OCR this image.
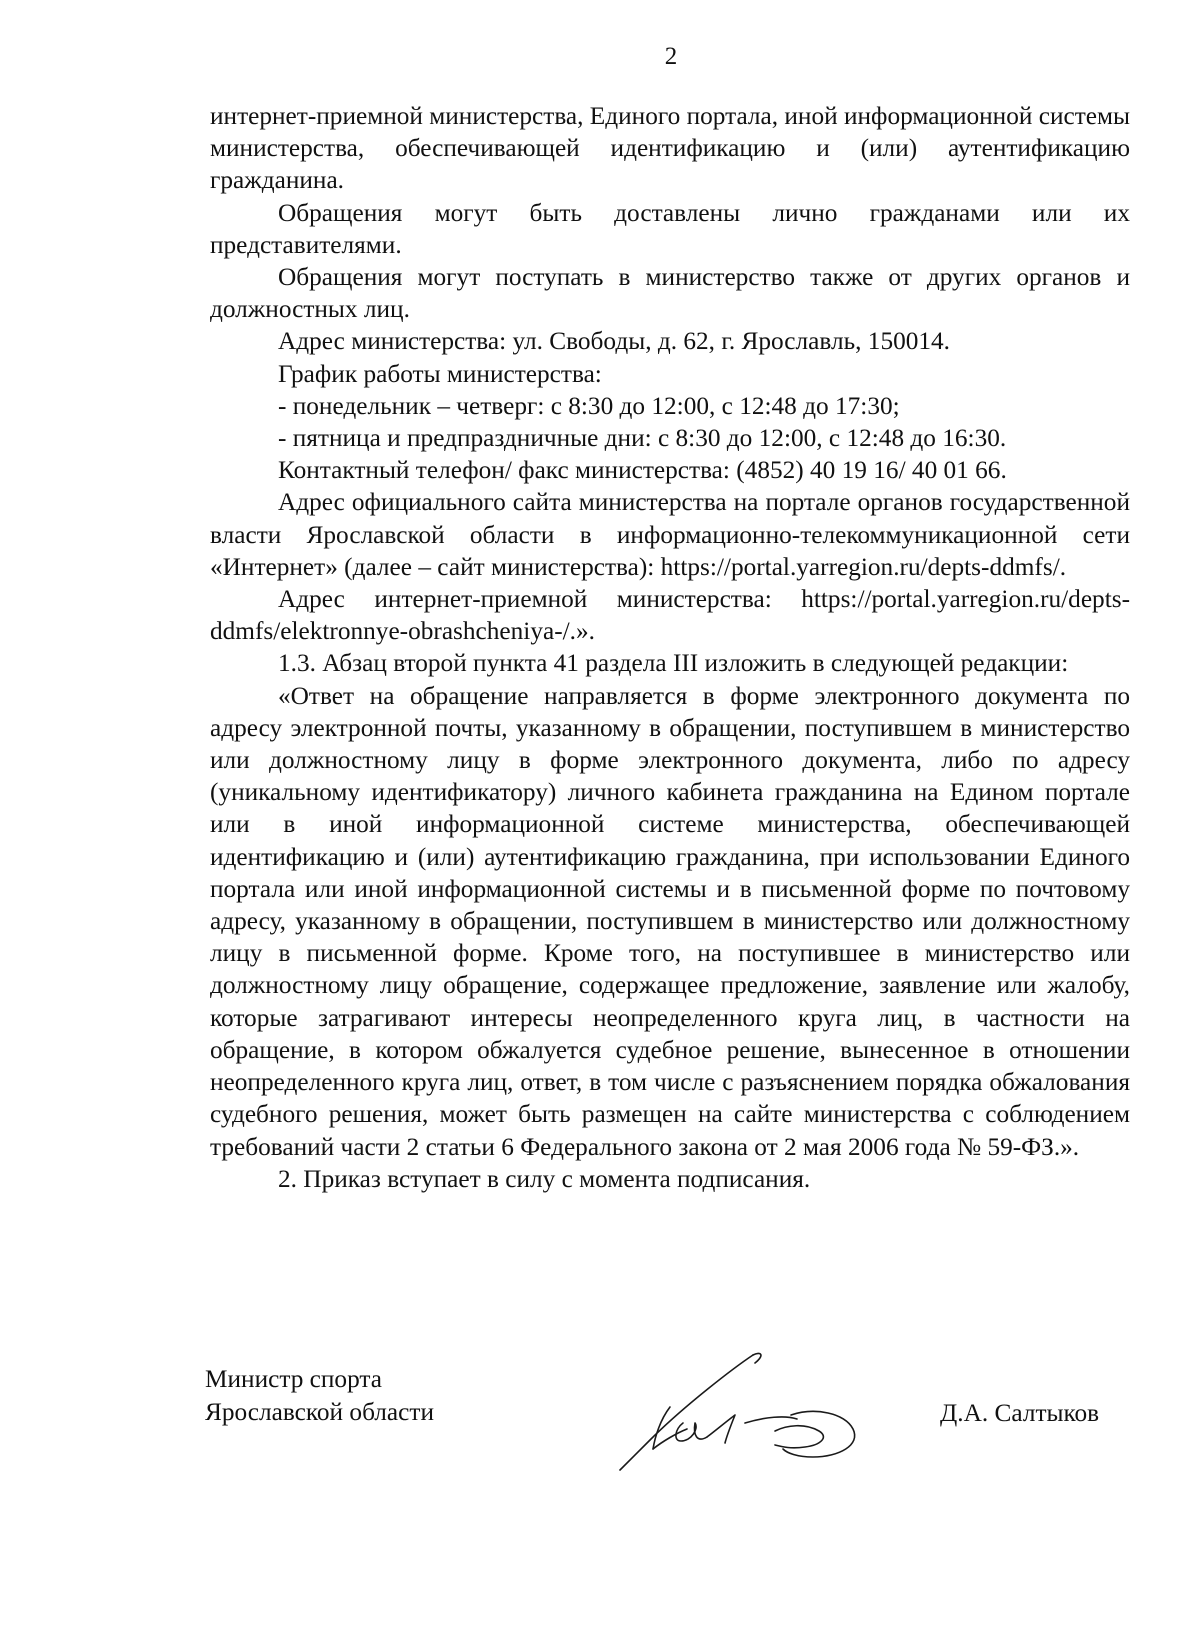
2

интернет-приемной министерства, Единого портала, иной информационной системы министерства, обеспечивающей идентификацию и (или) аутентификацию гражданина.

Обращения могут быть доставлены лично гражданами или их представителями.

Обращения могут поступать в министерство также от других органов и должностных лиц.

Адрес министерства: ул. Свободы, д. 62, г. Ярославль, 150014.

График работы министерства:

- понедельник – четверг: с 8:30 до 12:00, с 12:48 до 17:30;

- пятница и предпраздничные дни: с 8:30 до 12:00, с 12:48 до 16:30.

Контактный телефон/ факс министерства: (4852) 40 19 16/ 40 01 66.

Адрес официального сайта министерства на портале органов государственной власти Ярославской области в информационно-телекоммуникационной сети «Интернет» (далее – сайт министерства): https://portal.yarregion.ru/depts-ddmfs/.

Адрес интернет-приемной министерства: https://portal.yarregion.ru/depts-ddmfs/elektronnye-obrashcheniya-/.».

1.3. Абзац второй пункта 41 раздела III изложить в следующей редакции:

«Ответ на обращение направляется в форме электронного документа по адресу электронной почты, указанному в обращении, поступившем в министерство или должностному лицу в форме электронного документа, либо по адресу (уникальному идентификатору) личного кабинета гражданина на Едином портале или в иной информационной системе министерства, обеспечивающей идентификацию и (или) аутентификацию гражданина, при использовании Единого портала или иной информационной системы и в письменной форме по почтовому адресу, указанному в обращении, поступившем в министерство или должностному лицу в письменной форме. Кроме того, на поступившее в министерство или должностному лицу обращение, содержащее предложение, заявление или жалобу, которые затрагивают интересы неопределенного круга лиц, в частности на обращение, в котором обжалуется судебное решение, вынесенное в отношении неопределенного круга лиц, ответ, в том числе с разъяснением порядка обжалования судебного решения, может быть размещен на сайте министерства с соблюдением требований части 2 статьи 6 Федерального закона от 2 мая 2006 года № 59-ФЗ.».

2. Приказ вступает в силу с момента подписания.

Министр спорта
Ярославской области	Д.А. Салтыков
